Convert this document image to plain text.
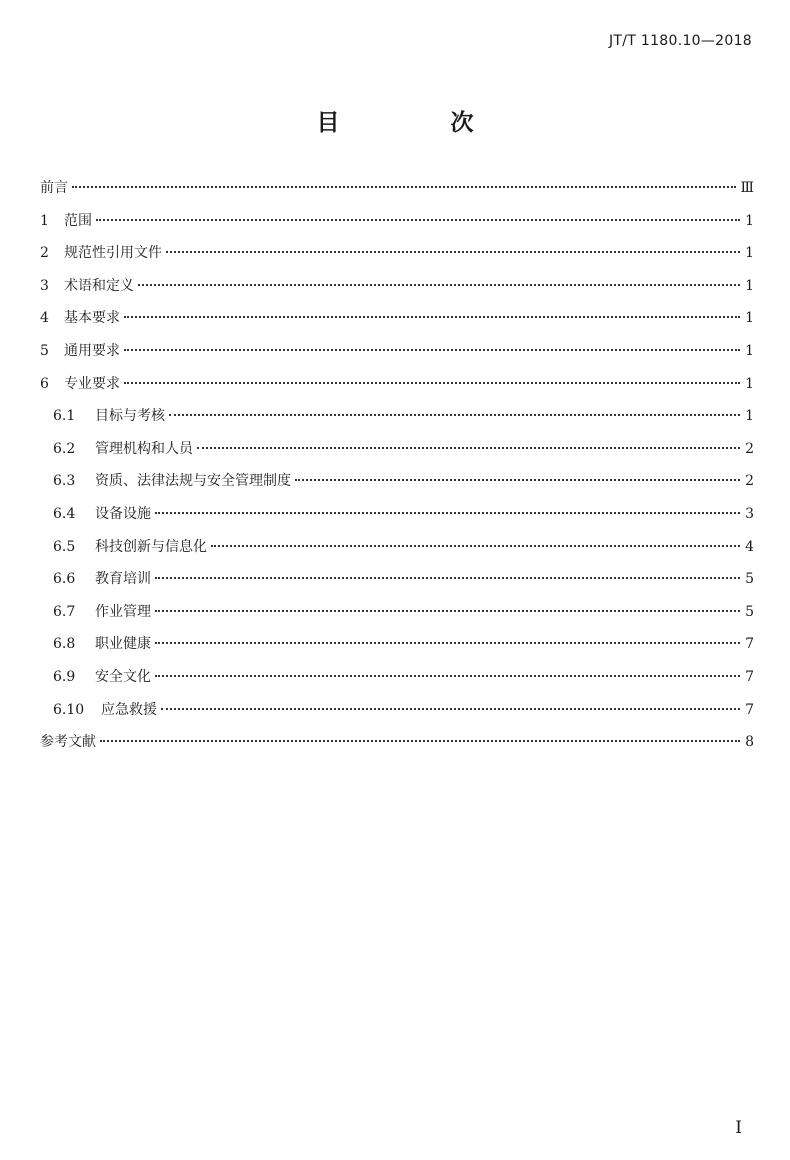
JT/T 1180.10—2018
目　次
前言	Ⅲ
1	范围	1
2	规范性引用文件	1
3	术语和定义	1
4	基本要求	1
5	通用要求	1
6	专业要求	1
6.1	目标与考核	1
6.2	管理机构和人员	2
6.3	资质、法律法规与安全管理制度	2
6.4	设备设施	3
6.5	科技创新与信息化	4
6.6	教育培训	5
6.7	作业管理	5
6.8	职业健康	7
6.9	安全文化	7
6.10	应急救援	7
参考文献	8
I
